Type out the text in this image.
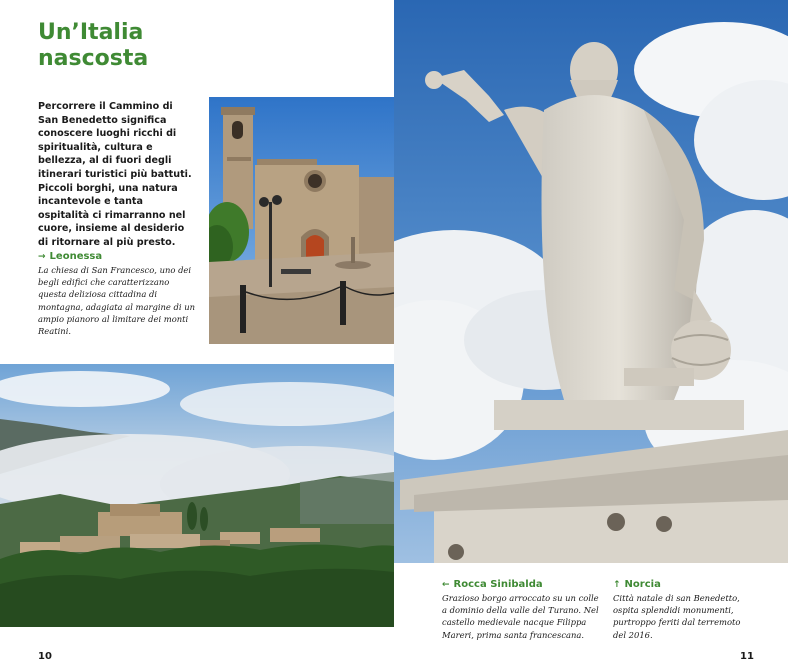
Un’Italia
nascosta
Percorrere il Cammino di San Benedetto significa conoscere luoghi ricchi di spiritualità, cultura e bellezza, al di fuori degli itinerari turistici più battuti. Piccoli borghi, una natura incantevole e tanta ospitalità ci rimarranno nel cuore, insieme al desiderio di ritornare al più presto.
→ Leonessa
La chiesa di San Francesco, uno dei begli edifici che caratterizzano questa deliziosa cittadina di montagna, adagiata al margine di un ampio pianoro al limitare dei monti Reatini.
10
← Rocca Sinibalda
Grazioso borgo arroccato su un colle a dominio della valle del Turano. Nel castello medievale nacque Filippa Mareri, prima santa francescana.
↑ Norcia
Città natale di san Benedetto, ospita splendidi monumenti, purtroppo feriti dal terremoto del 2016.
11
